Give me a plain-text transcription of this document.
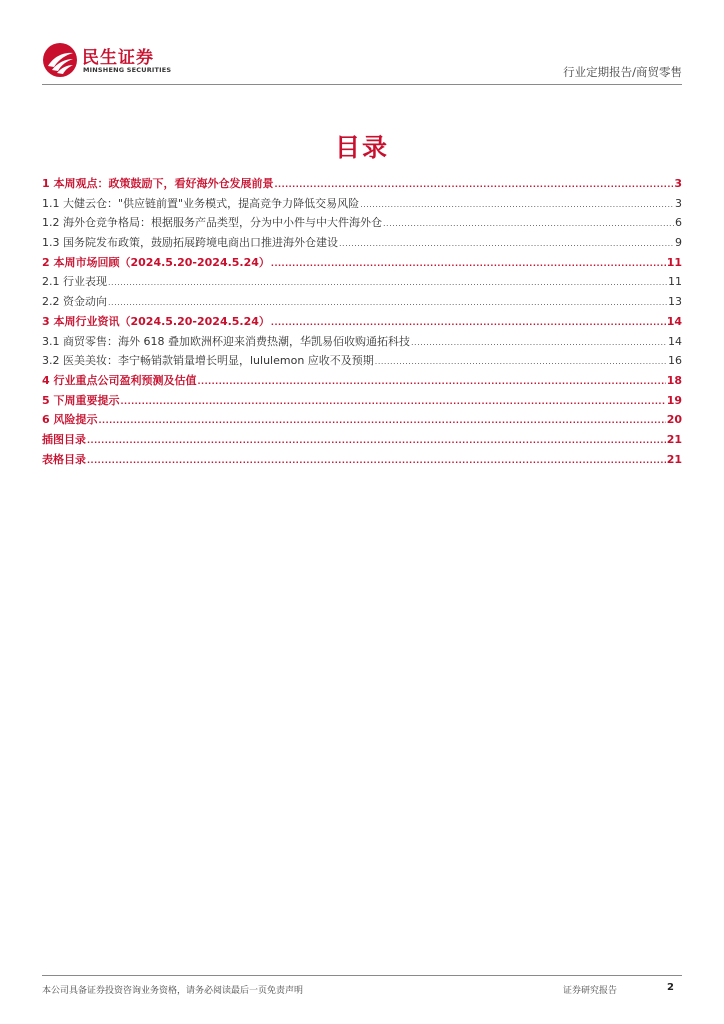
民生证券
MINSHENG SECURITIES	行业定期报告/商贸零售
目录
1 本周观点：政策鼓励下，看好海外仓发展前景 .....	3
1.1 大健云仓："供应链前置"业务模式，提高竞争力降低交易风险 .....	3
1.2 海外仓竞争格局：根据服务产品类型，分为中小件与中大件海外仓 .....	6
1.3 国务院发布政策，鼓励拓展跨境电商出口推进海外仓建设 .....	9
2 本周市场回顾（2024.5.20-2024.5.24） .....	11
2.1 行业表现 .....	11
2.2 资金动向 .....	13
3 本周行业资讯（2024.5.20-2024.5.24） .....	14
3.1 商贸零售：海外 618 叠加欧洲杯迎来消费热潮，华凯易佰收购通拓科技 .....	14
3.2 医美美妆：李宁畅销款销量增长明显，lululemon 应收不及预期 .....	16
4 行业重点公司盈利预测及估值 .....	18
5 下周重要提示 .....	19
6 风险提示 .....	20
插图目录 .....	21
表格目录 .....	21
本公司具备证券投资咨询业务资格，请务必阅读最后一页免责声明	证券研究报告	2
